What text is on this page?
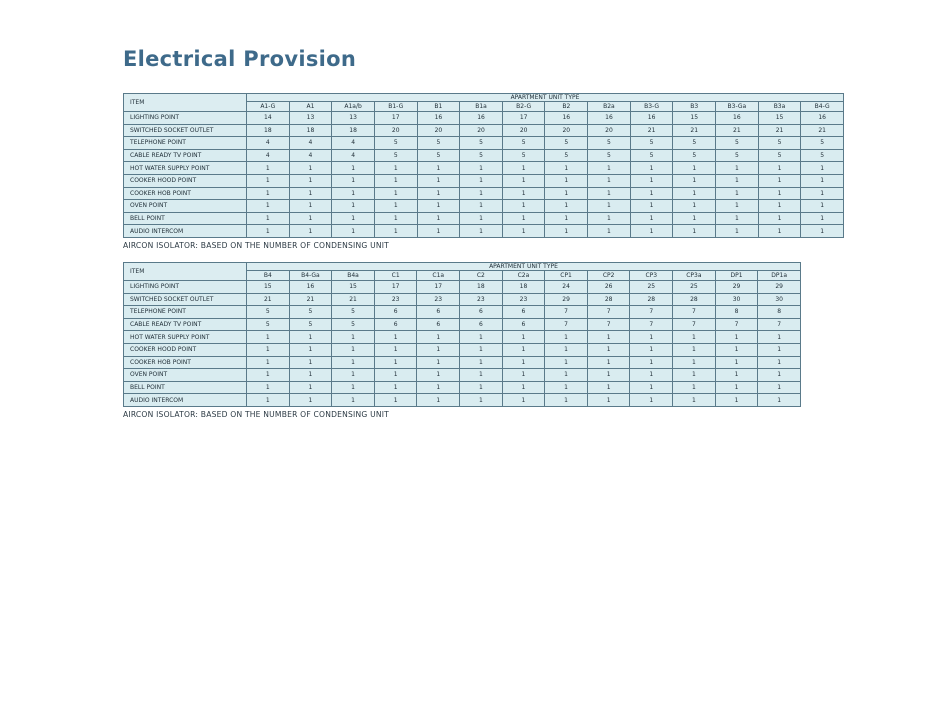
Electrical Provision
ITEM	APARTMENT UNIT TYPE													
	A1-G	A1	A1a/b	B1-G	B1	B1a	B2-G	B2	B2a	B3-G	B3	B3-Ga	B3a	B4-G
LIGHTING POINT	14	13	13	17	16	16	17	16	16	16	15	16	15	16
SWITCHED SOCKET OUTLET	18	18	18	20	20	20	20	20	20	21	21	21	21	21
TELEPHONE POINT	4	4	4	5	5	5	5	5	5	5	5	5	5	5
CABLE READY TV POINT	4	4	4	5	5	5	5	5	5	5	5	5	5	5
HOT WATER SUPPLY POINT	1	1	1	1	1	1	1	1	1	1	1	1	1	1
COOKER HOOD POINT	1	1	1	1	1	1	1	1	1	1	1	1	1	1
COOKER HOB POINT	1	1	1	1	1	1	1	1	1	1	1	1	1	1
OVEN POINT	1	1	1	1	1	1	1	1	1	1	1	1	1	1
BELL POINT	1	1	1	1	1	1	1	1	1	1	1	1	1	1
AUDIO INTERCOM	1	1	1	1	1	1	1	1	1	1	1	1	1	1
AIRCON ISOLATOR: BASED ON THE NUMBER OF CONDENSING UNIT
ITEM	APARTMENT UNIT TYPE												
	B4	B4-Ga	B4a	C1	C1a	C2	C2a	CP1	CP2	CP3	CP3a	DP1	DP1a
LIGHTING POINT	15	16	15	17	17	18	18	24	26	25	25	29	29
SWITCHED SOCKET OUTLET	21	21	21	23	23	23	23	29	28	28	28	30	30
TELEPHONE POINT	5	5	5	6	6	6	6	7	7	7	7	8	8
CABLE READY TV POINT	5	5	5	6	6	6	6	7	7	7	7	7	7
HOT WATER SUPPLY POINT	1	1	1	1	1	1	1	1	1	1	1	1	1
COOKER HOOD POINT	1	1	1	1	1	1	1	1	1	1	1	1	1
COOKER HOB POINT	1	1	1	1	1	1	1	1	1	1	1	1	1
OVEN POINT	1	1	1	1	1	1	1	1	1	1	1	1	1
BELL POINT	1	1	1	1	1	1	1	1	1	1	1	1	1
AUDIO INTERCOM	1	1	1	1	1	1	1	1	1	1	1	1	1
AIRCON ISOLATOR: BASED ON THE NUMBER OF CONDENSING UNIT
